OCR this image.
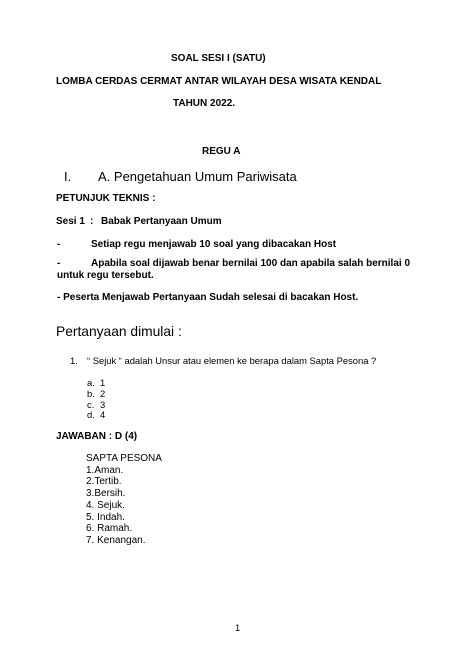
SOAL SESI I (SATU)
LOMBA CERDAS CERMAT ANTAR WILAYAH DESA WISATA KENDAL
TAHUN 2022.
REGU A
I. A. Pengetahuan Umum Pariwisata
PETUNJUK TEKNIS :
Sesi 1 : Babak Pertanyaan Umum
-	Setiap regu menjawab 10 soal yang dibacakan Host
-	Apabila soal dijawab benar bernilai 100 dan apabila salah bernilai 0
untuk regu tersebut.
- Peserta Menjawab Pertanyaan Sudah selesai di bacakan Host.
Pertanyaan dimulai :
1. “ Sejuk “ adalah Unsur atau elemen ke berapa dalam Sapta Pesona ?
a. 1
b. 2
c. 3
d. 4
JAWABAN : D (4)
SAPTA PESONA
1.Aman.
2.Tertib.
3.Bersih.
4. Sejuk.
5. Indah.
6. Ramah.
7. Kenangan.
1
